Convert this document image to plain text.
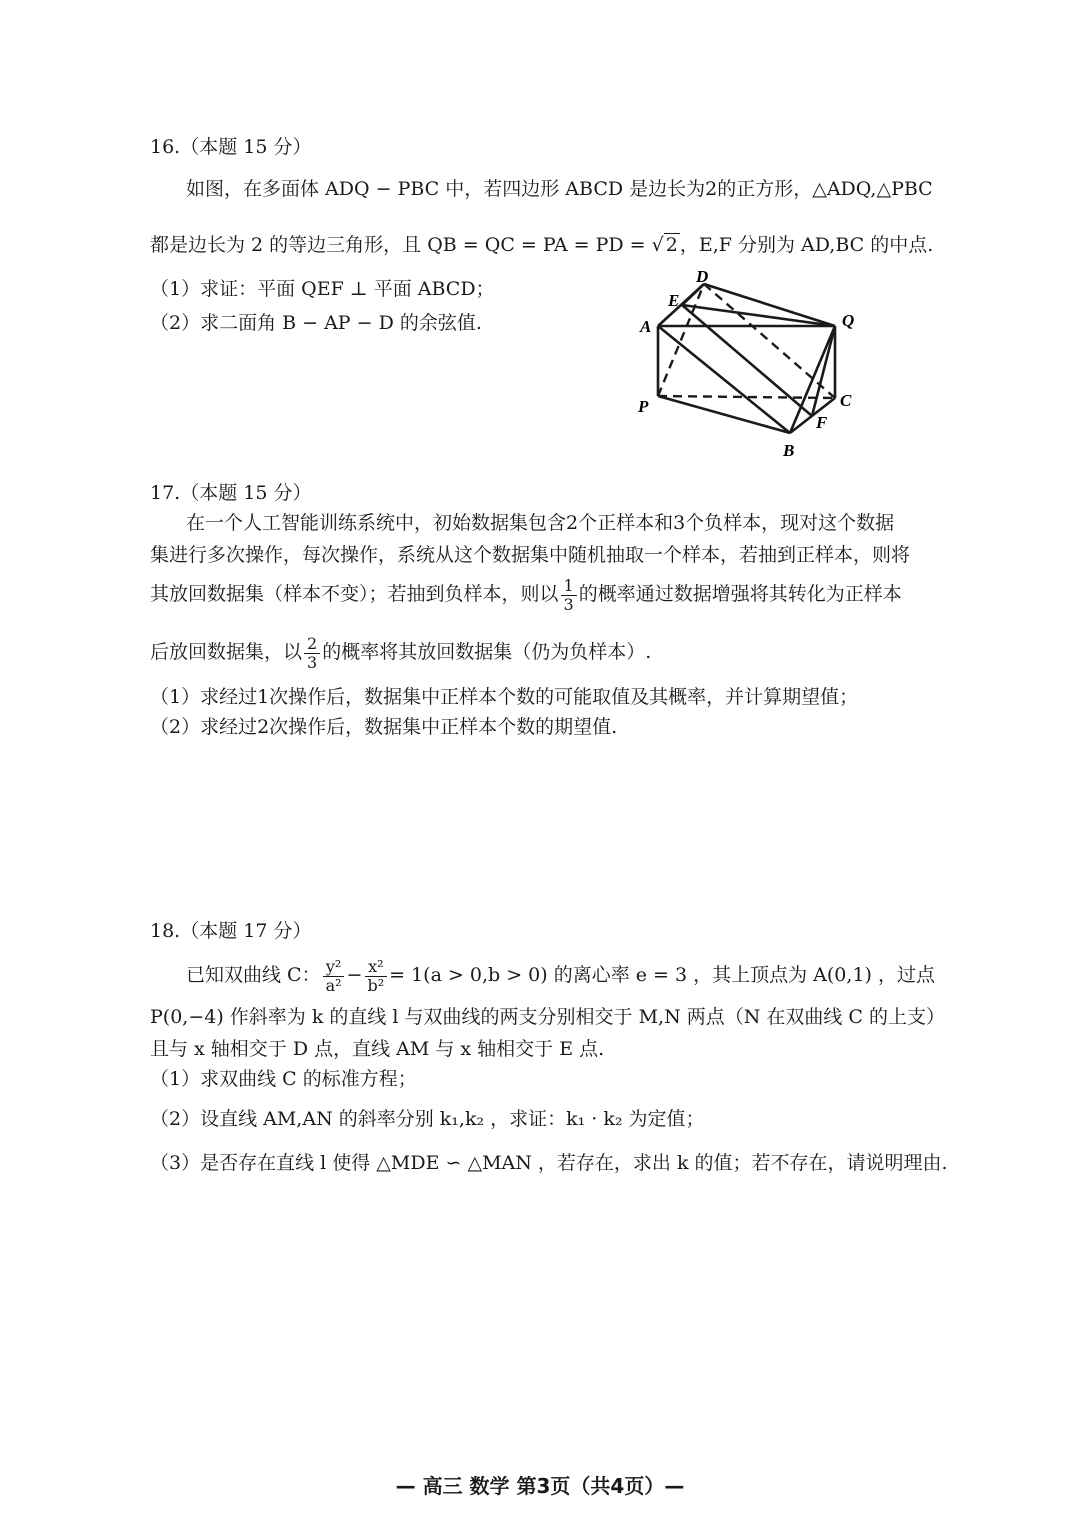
16.（本题 15 分）
如图，在多面体 ADQ − PBC 中，若四边形 ABCD 是边长为2的正方形，△ADQ,△PBC
都是边长为 2 的等边三角形，且 QB = QC = PA = PD = √ 2 ，E,F 分别为 AD,BC 的中点.
（1）求证：平面 QEF ⊥ 平面 ABCD；
（2）求二面角 B − AP − D 的余弦值.	A
D
E
Q
P	C
F
B
17.（本题 15 分）
在一个人工智能训练系统中，初始数据集包含2个正样本和3个负样本，现对这个数据
集进行多次操作，每次操作，系统从这个数据集中随机抽取一个样本，若抽到正样本，则将
其放回数据集（样本不变）；若抽到负样本，则以 $\frac{1}{3}$ 的概率通过数据增强将其转化为正样本
后放回数据集，以 $\frac{2}{3}$ 的概率将其放回数据集（仍为负样本）.
（1）求经过1次操作后，数据集中正样本个数的可能取值及其概率，并计算期望值；
（2）求经过2次操作后，数据集中正样本个数的期望值.
18.（本题 17 分）
已知双曲线 C： $\frac{\text{y²}}{\text{a²}} - \frac{\text{x²}}{\text{b²}} = 1(a > 0,b > 0)$ 的离心率 e = 3 ，其上顶点为 A(0,1) ，过点
P(0,−4) 作斜率为 k 的直线 l 与双曲线的两支分别相交于 M,N 两点（N 在双曲线 C 的上支）
且与 x 轴相交于 D 点，直线 AM 与 x 轴相交于 E 点.
（1）求双曲线 C 的标准方程；
（2）设直线 AM,AN 的斜率分别 k₁,k₂ ，求证：k₁ · k₂ 为定值；
（3）是否存在直线 l 使得 △MDE ∽ △MAN ，若存在，求出 k 的值；若不存在，请说明理由.
— 高三 数学 第3页（共4页）—
